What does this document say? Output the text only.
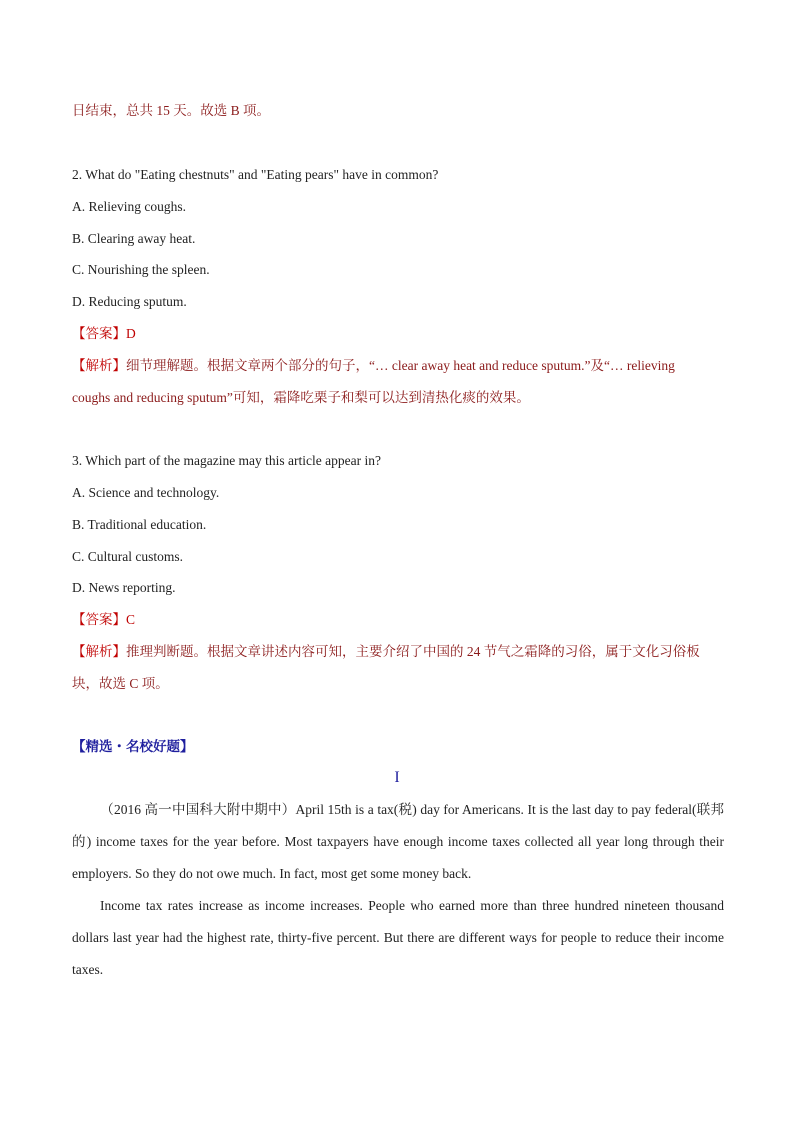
日结束，总共 15 天。故选 B 项。
2. What do "Eating chestnuts" and "Eating pears" have in common?
A. Relieving coughs.
B. Clearing away heat.
C. Nourishing the spleen.
D. Reducing sputum.
【答案】D
【解析】细节理解题。根据文章两个部分的句子，“… clear away heat and reduce sputum.”及“… relieving
coughs and reducing sputum”可知，霜降吃栗子和梨可以达到清热化痰的效果。
3. Which part of the magazine may this article appear in?
A. Science and technology.
B. Traditional education.
C. Cultural customs.
D. News reporting.
【答案】C
【解析】推理判断题。根据文章讲述内容可知，主要介绍了中国的 24 节气之霜降的习俗，属于文化习俗板
块，故选 C 项。
【精选・名校好题】
I
（2016 高一中国科大附中期中）April 15th is a tax(税) day for Americans. It is the last day to pay federal(联邦的) income taxes for the year before. Most taxpayers have enough income taxes collected all year long through their employers. So they do not owe much. In fact, most get some money back.
Income tax rates increase as income increases. People who earned more than three hundred nineteen thousand dollars last year had the highest rate, thirty-five percent. But there are different ways for people to reduce their income taxes.
